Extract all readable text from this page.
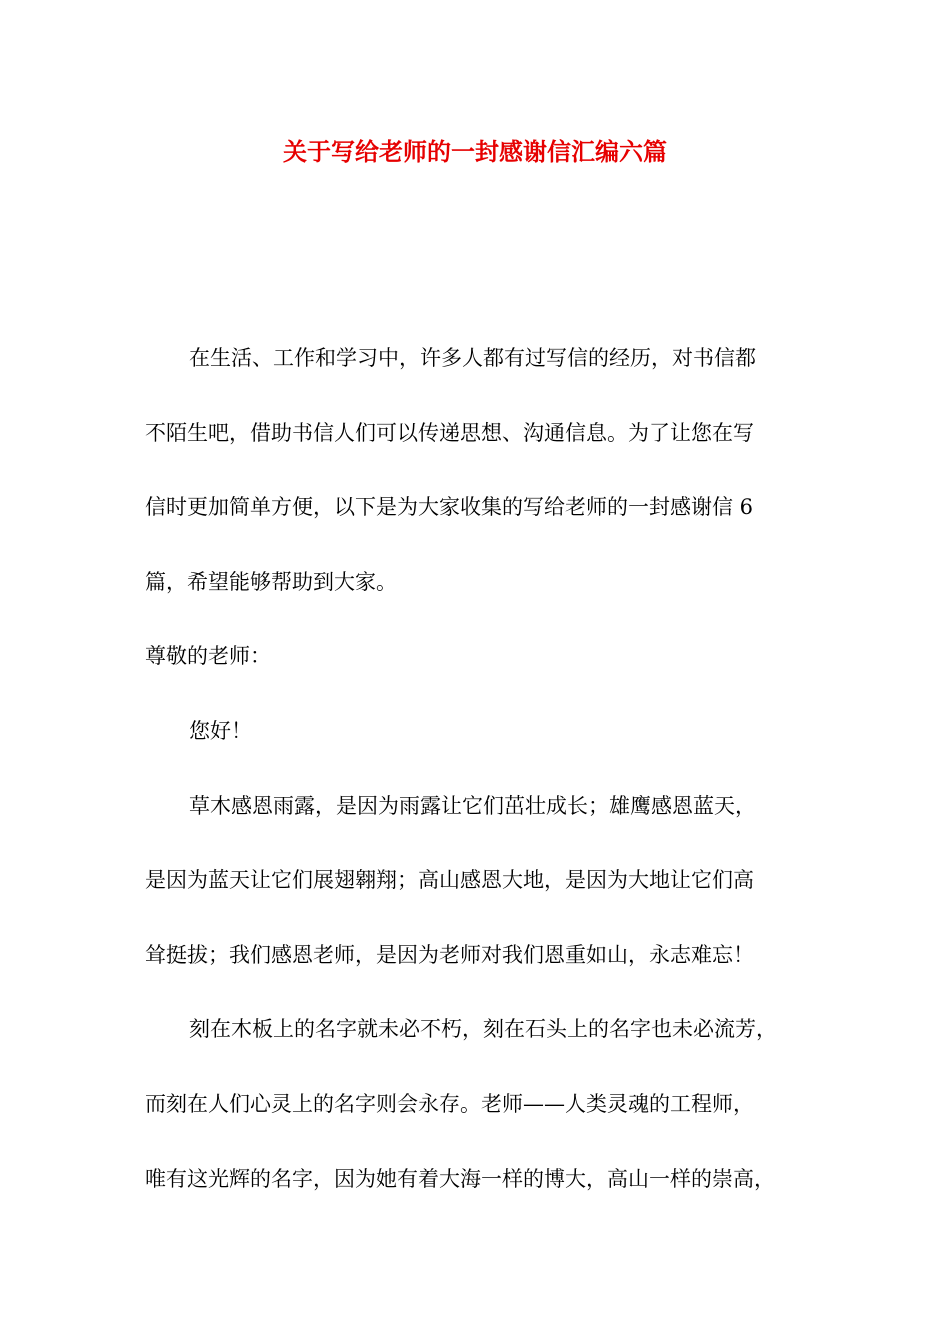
关于写给老师的一封感谢信汇编六篇
在生活、工作和学习中，许多人都有过写信的经历，对书信都
不陌生吧，借助书信人们可以传递思想、沟通信息。为了让您在写
信时更加简单方便，以下是为大家收集的写给老师的一封感谢信 6
篇，希望能够帮助到大家。
尊敬的老师：
您好！
草木感恩雨露，是因为雨露让它们茁壮成长；雄鹰感恩蓝天，
是因为蓝天让它们展翅翱翔；高山感恩大地，是因为大地让它们高
耸挺拔；我们感恩老师，是因为老师对我们恩重如山，永志难忘！
刻在木板上的名字就未必不朽，刻在石头上的名字也未必流芳，
而刻在人们心灵上的名字则会永存。老师——人类灵魂的工程师，
唯有这光辉的名字，因为她有着大海一样的博大，高山一样的崇高，
